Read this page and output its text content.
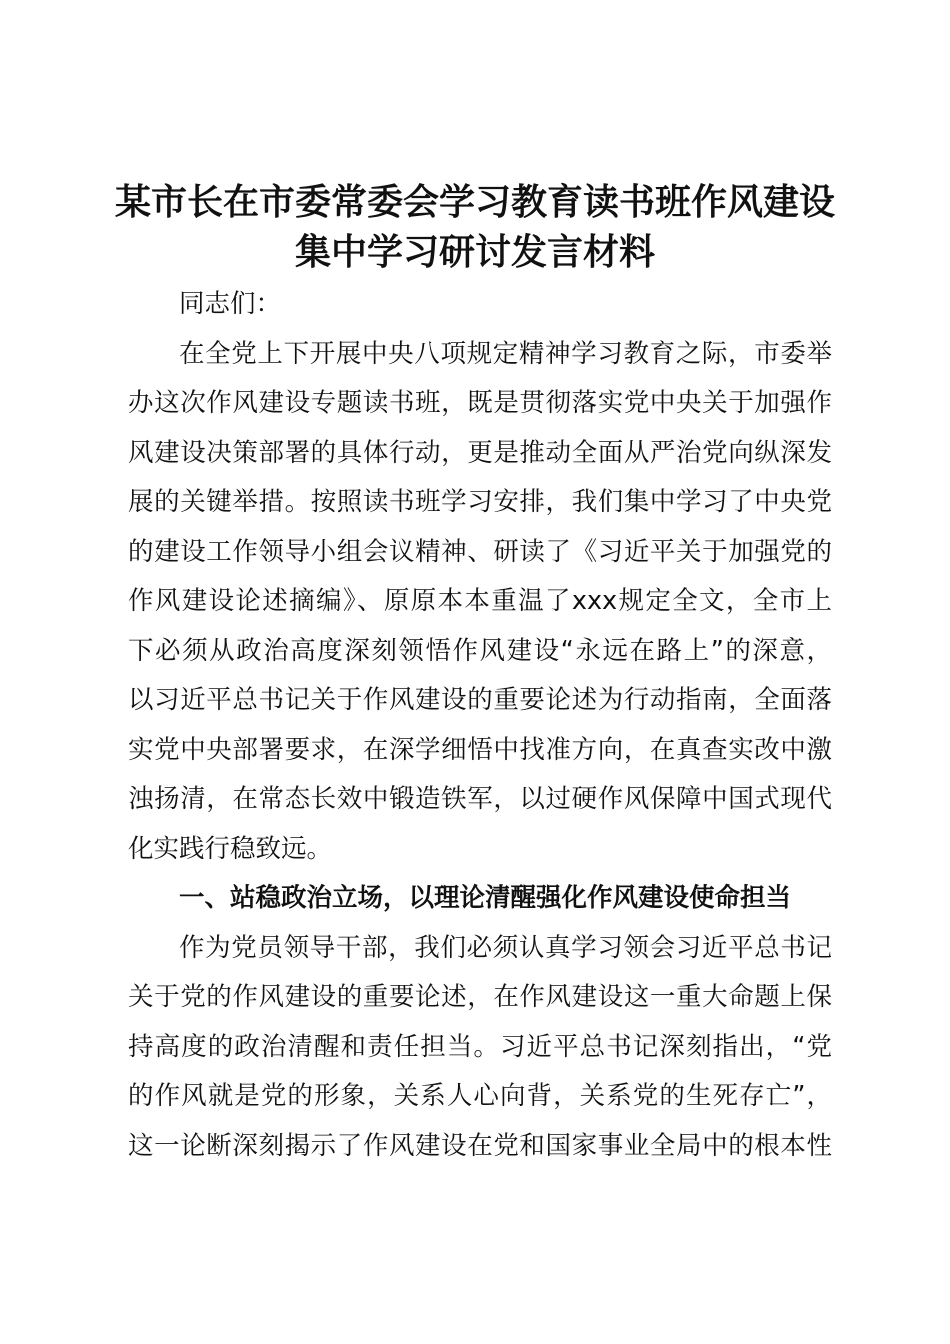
某市长在市委常委会学习教育读书班作风建设
集中学习研讨发言材料
同志们：
在全党上下开展中央八项规定精神学习教育之际，市委举
办这次作风建设专题读书班，既是贯彻落实党中央关于加强作
风建设决策部署的具体行动，更是推动全面从严治党向纵深发
展的关键举措。按照读书班学习安排，我们集中学习了中央党
的建设工作领导小组会议精神、研读了《习近平关于加强党的
作风建设论述摘编》、原原本本重温了xxx规定全文，全市上
下必须从政治高度深刻领悟作风建设“永远在路上”的深意，
以习近平总书记关于作风建设的重要论述为行动指南，全面落
实党中央部署要求，在深学细悟中找准方向，在真查实改中激
浊扬清，在常态长效中锻造铁军，以过硬作风保障中国式现代
化实践行稳致远。
一、站稳政治立场，以理论清醒强化作风建设使命担当
作为党员领导干部，我们必须认真学习领会习近平总书记
关于党的作风建设的重要论述，在作风建设这一重大命题上保
持高度的政治清醒和责任担当。习近平总书记深刻指出，“党
的作风就是党的形象，关系人心向背，关系党的生死存亡”，
这一论断深刻揭示了作风建设在党和国家事业全局中的根本性
